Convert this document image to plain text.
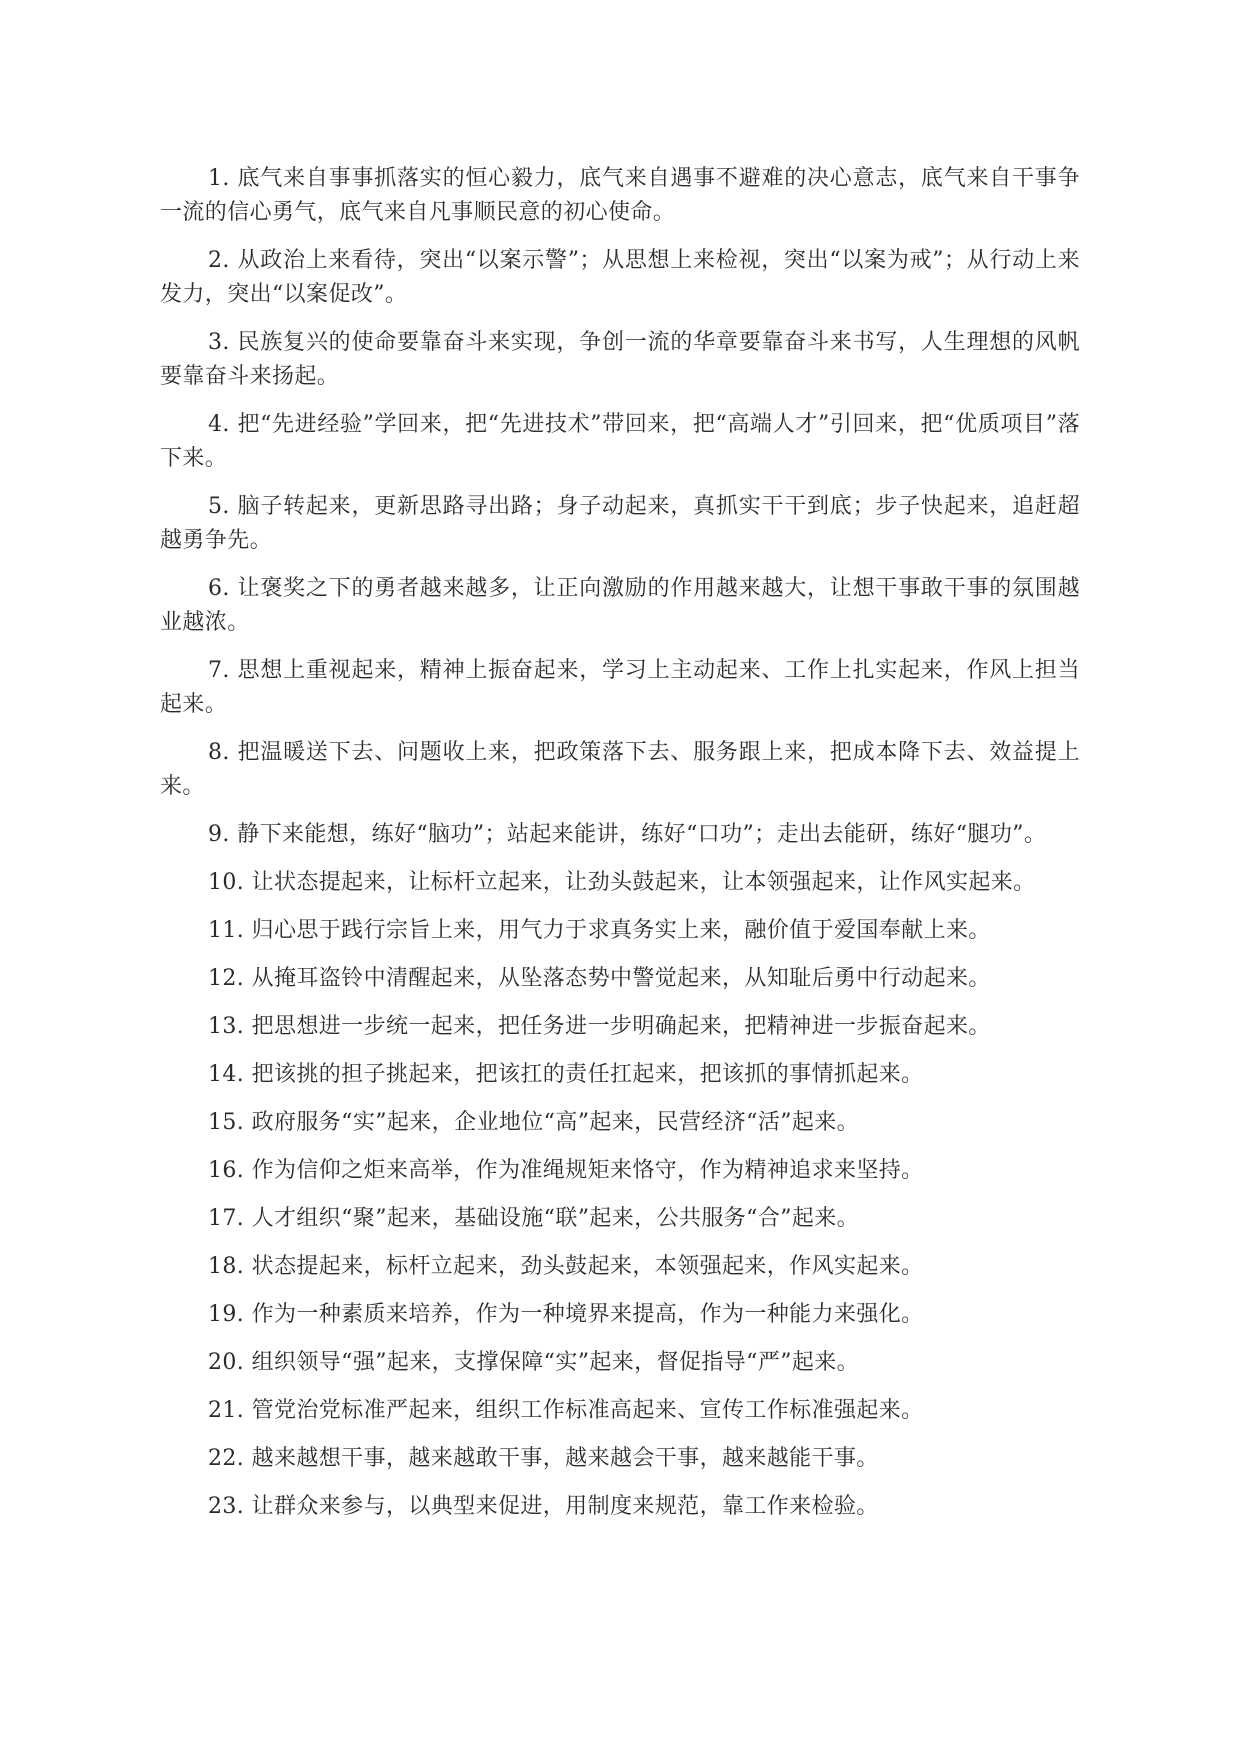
1. 底气来自事事抓落实的恒心毅力，底气来自遇事不避难的决心意志，底气来自干事争一流的信心勇气，底气来自凡事顺民意的初心使命。

2. 从政治上来看待，突出“以案示警”；从思想上来检视，突出“以案为戒”；从行动上来发力，突出“以案促改”。

3. 民族复兴的使命要靠奋斗来实现，争创一流的华章要靠奋斗来书写，人生理想的风帆要靠奋斗来扬起。

4. 把“先进经验”学回来，把“先进技术”带回来，把“高端人才”引回来，把“优质项目”落下来。

5. 脑子转起来，更新思路寻出路；身子动起来，真抓实干干到底；步子快起来，追赶超越勇争先。

6. 让褒奖之下的勇者越来越多，让正向激励的作用越来越大，让想干事敢干事的氛围越业越浓。

7. 思想上重视起来，精神上振奋起来，学习上主动起来、工作上扎实起来，作风上担当起来。

8. 把温暖送下去、问题收上来，把政策落下去、服务跟上来，把成本降下去、效益提上来。

9. 静下来能想，练好“脑功”；站起来能讲，练好“口功”；走出去能研，练好“腿功”。

10. 让状态提起来，让标杆立起来，让劲头鼓起来，让本领强起来，让作风实起来。

11. 归心思于践行宗旨上来，用气力于求真务实上来，融价值于爱国奉献上来。

12. 从掩耳盗铃中清醒起来，从坠落态势中警觉起来，从知耻后勇中行动起来。

13. 把思想进一步统一起来，把任务进一步明确起来，把精神进一步振奋起来。

14. 把该挑的担子挑起来，把该扛的责任扛起来，把该抓的事情抓起来。

15. 政府服务“实”起来，企业地位“高”起来，民营经济“活”起来。

16. 作为信仰之炬来高举，作为准绳规矩来恪守，作为精神追求来坚持。

17. 人才组织“聚”起来，基础设施“联”起来，公共服务“合”起来。

18. 状态提起来，标杆立起来，劲头鼓起来，本领强起来，作风实起来。

19. 作为一种素质来培养，作为一种境界来提高，作为一种能力来强化。

20. 组织领导“强”起来，支撑保障“实”起来，督促指导“严”起来。

21. 管党治党标准严起来，组织工作标准高起来、宣传工作标准强起来。

22. 越来越想干事，越来越敢干事，越来越会干事，越来越能干事。

23. 让群众来参与，以典型来促进，用制度来规范，靠工作来检验。
